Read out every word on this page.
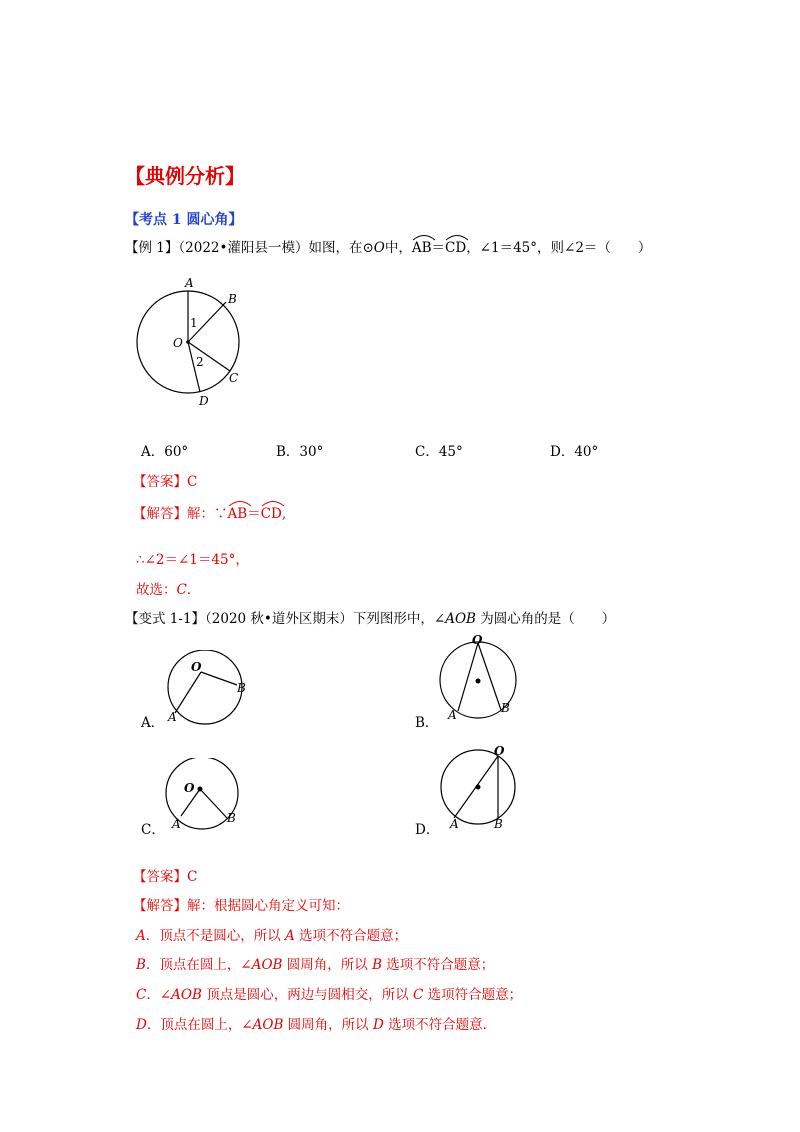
【典例分析】
【考点 1 圆心角】
【例 1】（2022•灌阳县一模）如图，在⊙O中，
AB＝
CD，∠1＝45°，则∠2＝（　　）
A
B
C
D
O
1
2
A．60°	B．30°	C．45°	D．40°
【答案】C
【解答】解：∵
AB＝
CD,
∴∠2＝∠1＝45°，
故选：C．
【变式 1-1】（2020 秋•道外区期末）下列图形中，∠AOB 为圆心角的是（　　）
A．
O
A
B
B．
O
A	B
C．
O
A	B
D．
O
A	B
【答案】C
【解答】解：根据圆心角定义可知：
A．顶点不是圆心，所以 A 选项不符合题意；
B．顶点在圆上，∠AOB 圆周角，所以 B 选项不符合题意；
C．∠AOB 顶点是圆心，两边与圆相交，所以 C 选项符合题意；
D．顶点在圆上，∠AOB 圆周角，所以 D 选项不符合题意．
